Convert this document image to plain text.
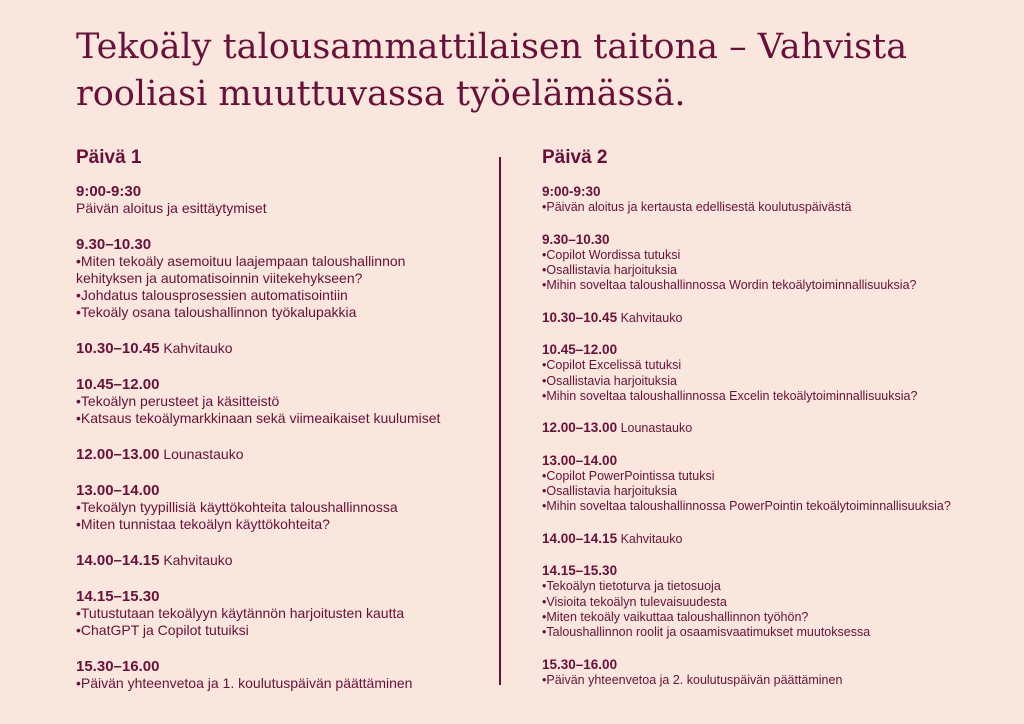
Tekoäly talousammattilaisen taitona – Vahvista
rooliasi muuttuvassa työelämässä.
Päivä 1
9:00-9:30
Päivän aloitus ja esittäytymiset
9.30–10.30
•Miten tekoäly asemoituu laajempaan taloushallinnon
kehityksen ja automatisoinnin viitekehykseen?
•Johdatus talousprosessien automatisointiin
•Tekoäly osana taloushallinnon työkalupakkia
10.30–10.45 Kahvitauko
10.45–12.00
•Tekoälyn perusteet ja käsitteistö
•Katsaus tekoälymarkkinaan sekä viimeaikaiset kuulumiset
12.00–13.00 Lounastauko
13.00–14.00
•Tekoälyn tyypillisiä käyttökohteita taloushallinnossa
•Miten tunnistaa tekoälyn käyttökohteita?
14.00–14.15 Kahvitauko
14.15–15.30
•Tutustutaan tekoälyyn käytännön harjoitusten kautta
•ChatGPT ja Copilot tutuiksi
15.30–16.00
•Päivän yhteenvetoa ja 1. koulutuspäivän päättäminen
Päivä 2
9:00-9:30
•Päivän aloitus ja kertausta edellisestä koulutuspäivästä
9.30–10.30
•Copilot Wordissa tutuksi
•Osallistavia harjoituksia
•Mihin soveltaa taloushallinnossa Wordin tekoälytoiminnallisuuksia?
10.30–10.45 Kahvitauko
10.45–12.00
•Copilot Excelissä tutuksi
•Osallistavia harjoituksia
•Mihin soveltaa taloushallinnossa Excelin tekoälytoiminnallisuuksia?
12.00–13.00 Lounastauko
13.00–14.00
•Copilot PowerPointissa tutuksi
•Osallistavia harjoituksia
•Mihin soveltaa taloushallinnossa PowerPointin tekoälytoiminnallisuuksia?
14.00–14.15 Kahvitauko
14.15–15.30
•Tekoälyn tietoturva ja tietosuoja
•Visioita tekoälyn tulevaisuudesta
•Miten tekoäly vaikuttaa taloushallinnon työhön?
•Taloushallinnon roolit ja osaamisvaatimukset muutoksessa
15.30–16.00
•Päivän yhteenvetoa ja 2. koulutuspäivän päättäminen
